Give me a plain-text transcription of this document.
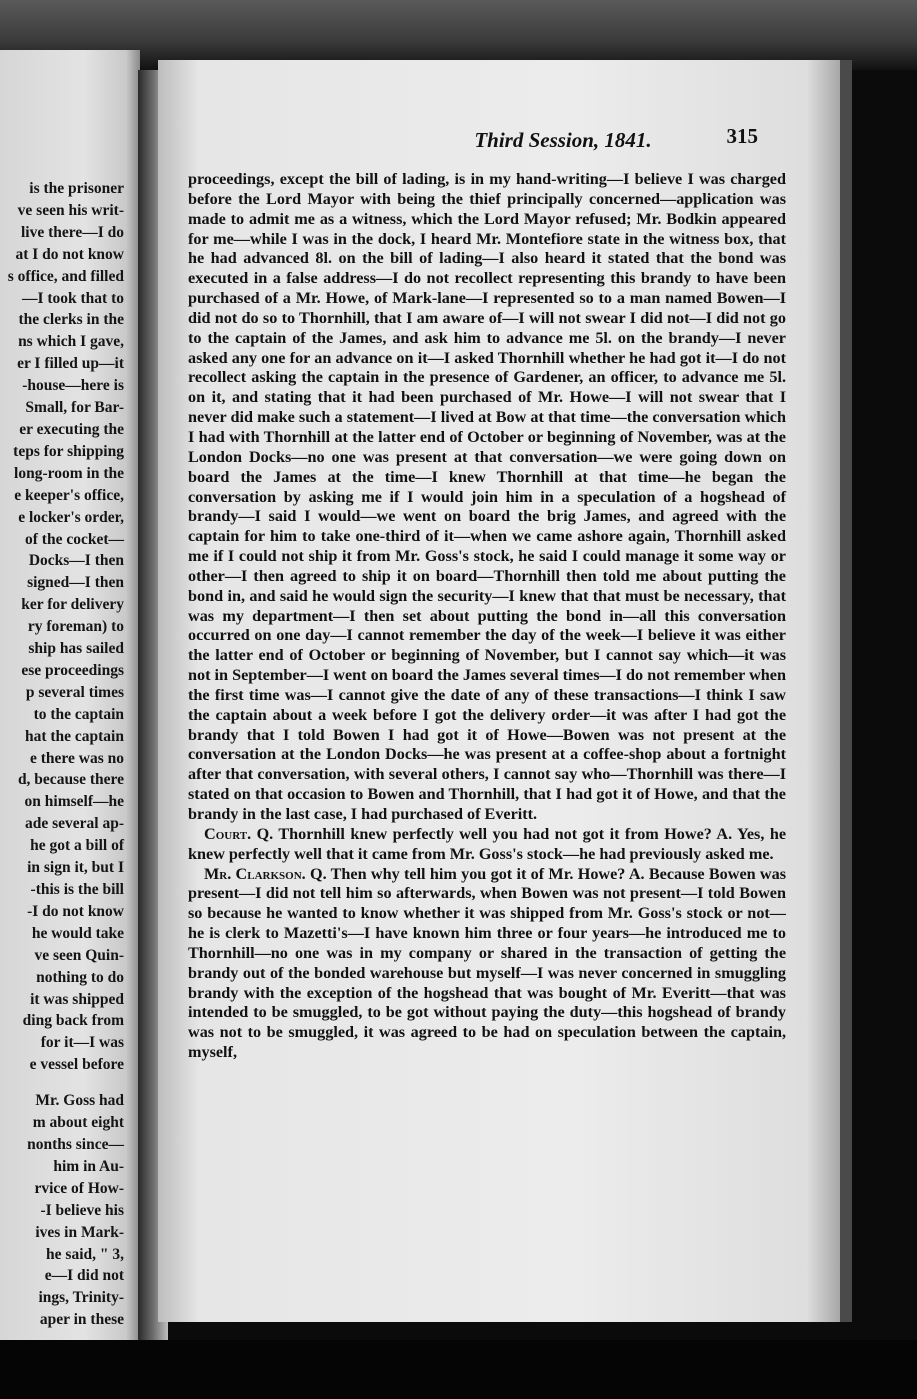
is the prisoner
ve seen his writ-
live there—I do
at I do not know
s office, and filled
—I took that to
the clerks in the
ns which I gave,
er I filled up—it
-house—here is
Small, for Bar-
er executing the
teps for shipping
long-room in the
e keeper's office,
e locker's order,
of the cocket—
Docks—I then
signed—I then
ker for delivery
ry foreman) to
ship has sailed
ese proceedings
p several times
to the captain
hat the captain
e there was no
d, because there
on himself—he
ade several ap-
he got a bill of
in sign it, but I
-this is the bill
-I do not know
he would take
ve seen Quin-
nothing to do
it was shipped
ding back from
for it—I was
e vessel before
Mr. Goss had
m about eight
nonths since—
him in Au-
rvice of How-
-I believe his
ives in Mark-
he said, " 3,
e—I did not
ings, Trinity-
aper in these
Third Session, 1841.	315

proceedings, except the bill of lading, is in my hand-writing—I believe I was charged before the Lord Mayor with being the thief principally concerned—application was made to admit me as a witness, which the Lord Mayor refused; Mr. Bodkin appeared for me—while I was in the dock, I heard Mr. Montefiore state in the witness box, that he had advanced 8l. on the bill of lading—I also heard it stated that the bond was executed in a false address—I do not recollect representing this brandy to have been purchased of a Mr. Howe, of Mark-lane—I represented so to a man named Bowen—I did not do so to Thornhill, that I am aware of—I will not swear I did not—I did not go to the captain of the James, and ask him to advance me 5l. on the brandy—I never asked any one for an advance on it—I asked Thornhill whether he had got it—I do not recollect asking the captain in the presence of Gardener, an officer, to advance me 5l. on it, and stating that it had been purchased of Mr. Howe—I will not swear that I never did make such a statement—I lived at Bow at that time—the conversation which I had with Thornhill at the latter end of October or beginning of November, was at the London Docks—no one was present at that conversation—we were going down on board the James at the time—I knew Thornhill at that time—he began the conversation by asking me if I would join him in a speculation of a hogshead of brandy—I said I would—we went on board the brig James, and agreed with the captain for him to take one-third of it—when we came ashore again, Thornhill asked me if I could not ship it from Mr. Goss's stock, he said I could manage it some way or other—I then agreed to ship it on board—Thornhill then told me about putting the bond in, and said he would sign the security—I knew that that must be necessary, that was my department—I then set about putting the bond in—all this conversation occurred on one day—I cannot remember the day of the week—I believe it was either the latter end of October or beginning of November, but I cannot say which—it was not in September—I went on board the James several times—I do not remember when the first time was—I cannot give the date of any of these transactions—I think I saw the captain about a week before I got the delivery order—it was after I had got the brandy that I told Bowen I had got it of Howe—Bowen was not present at the conversation at the London Docks—he was present at a coffee-shop about a fortnight after that conversation, with several others, I cannot say who—Thornhill was there—I stated on that occasion to Bowen and Thornhill, that I had got it of Howe, and that the brandy in the last case, I had purchased of Everitt.

Court. Q. Thornhill knew perfectly well you had not got it from Howe? A. Yes, he knew perfectly well that it came from Mr. Goss's stock—he had previously asked me.

Mr. Clarkson. Q. Then why tell him you got it of Mr. Howe? A. Because Bowen was present—I did not tell him so afterwards, when Bowen was not present—I told Bowen so because he wanted to know whether it was shipped from Mr. Goss's stock or not—he is clerk to Mazetti's—I have known him three or four years—he introduced me to Thornhill—no one was in my company or shared in the transaction of getting the brandy out of the bonded warehouse but myself—I was never concerned in smuggling brandy with the exception of the hogshead that was bought of Mr. Everitt—that was intended to be smuggled, to be got without paying the duty—this hogshead of brandy was not to be smuggled, it was agreed to be had on speculation between the captain, myself,
